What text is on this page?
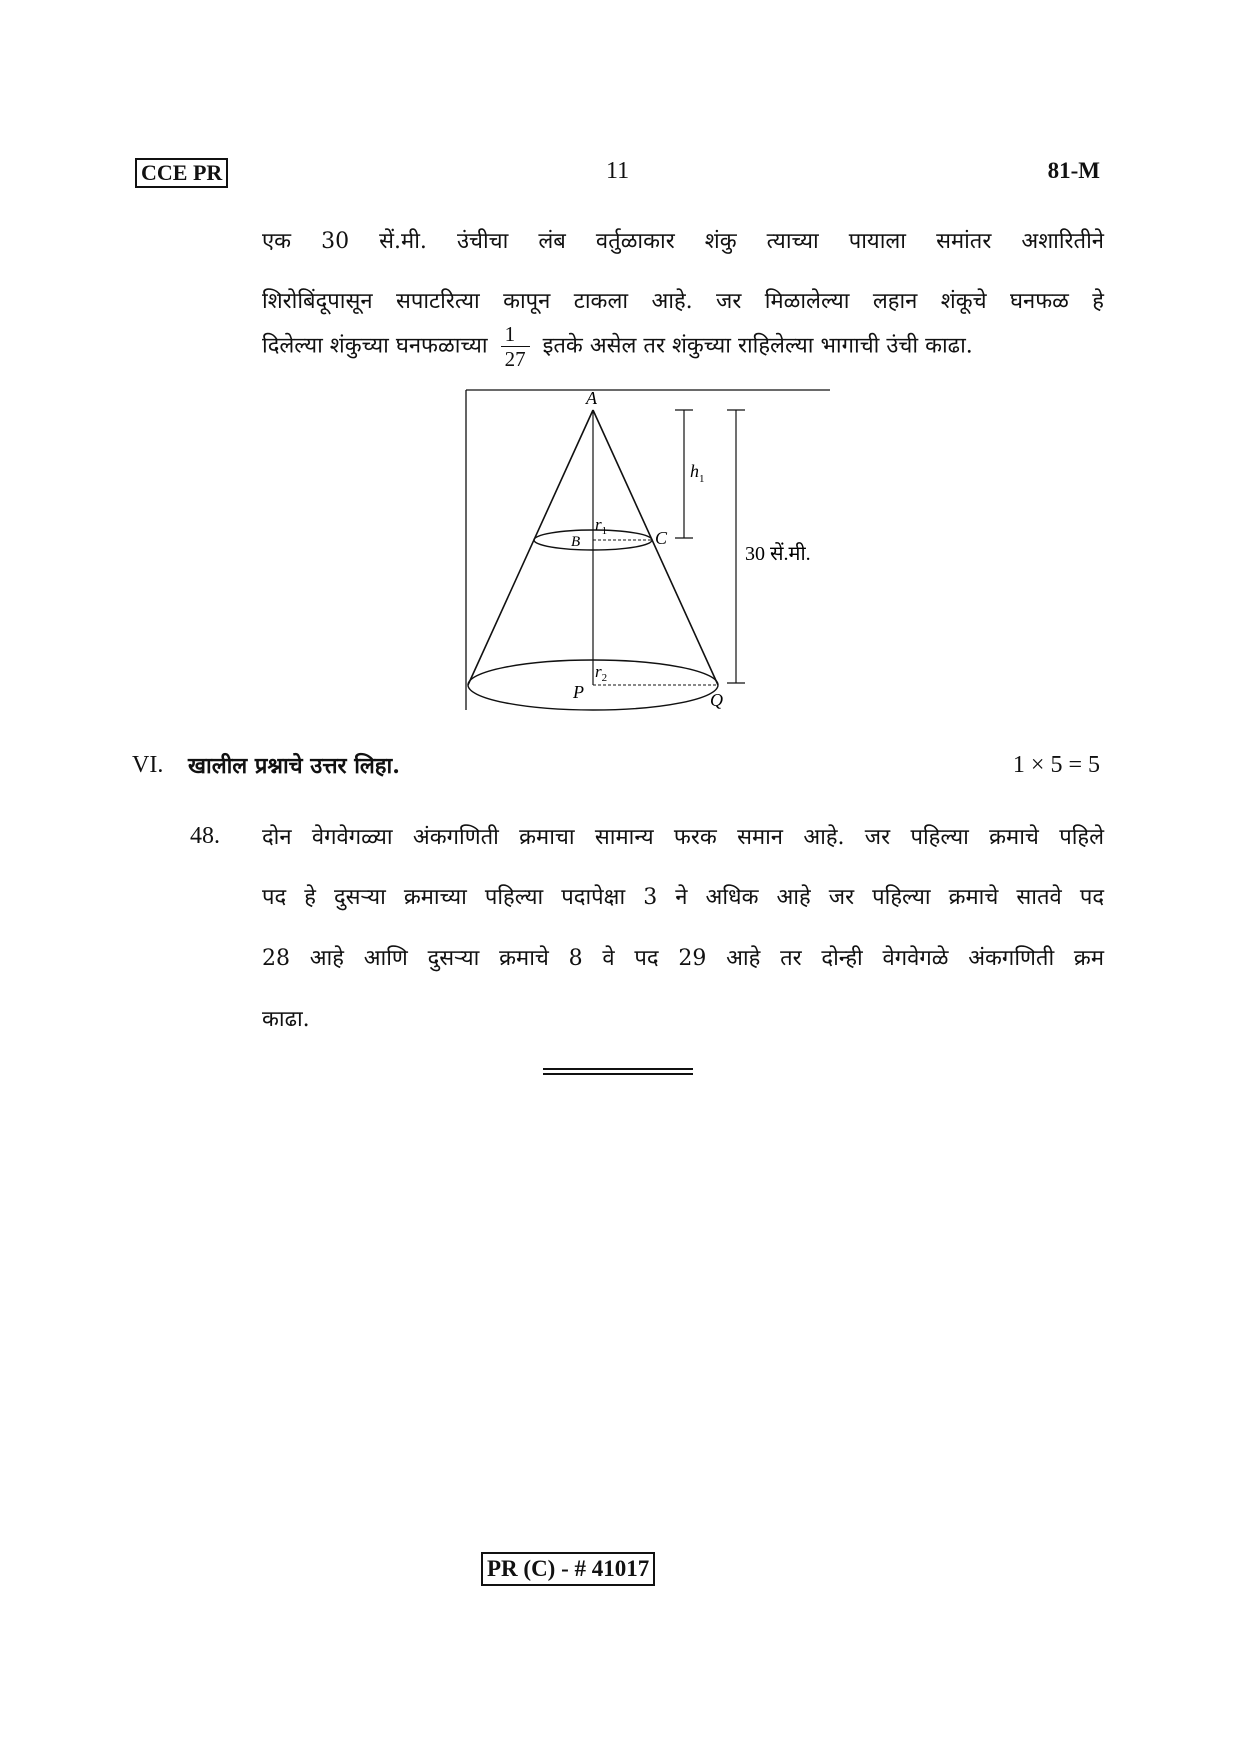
CCE PR	11	81-M
एक 30 सें.मी. उंचीचा लंब वर्तुळाकार शंकु त्याच्या पायाला समांतर अशारितीने
शिरोबिंदूपासून सपाटरित्या कापून टाकला आहे. जर मिळालेल्या लहान शंकूचे घनफळ हे
दिलेल्या शंकुच्या घनफळाच्या $\frac{1}{27}$ इतके असेल तर शंकुच्या राहिलेल्या भागाची उंची काढा.
A
B	C
P	Q
$h_1$
$r_1$
$r_2$
30 सें.मी.
VI. खालील प्रश्नाचे उत्तर लिहा.	1 × 5 = 5
48. दोन वेगवेगळ्या अंकगणिती क्रमाचा सामान्य फरक समान आहे. जर पहिल्या क्रमाचे पहिले
पद हे दुसऱ्या क्रमाच्या पहिल्या पदापेक्षा 3 ने अधिक आहे जर पहिल्या क्रमाचे सातवे पद
28 आहे आणि दुसऱ्या क्रमाचे 8 वे पद 29 आहे तर दोन्ही वेगवेगळे अंकगणिती क्रम
काढा.
PR (C) - # 41017
